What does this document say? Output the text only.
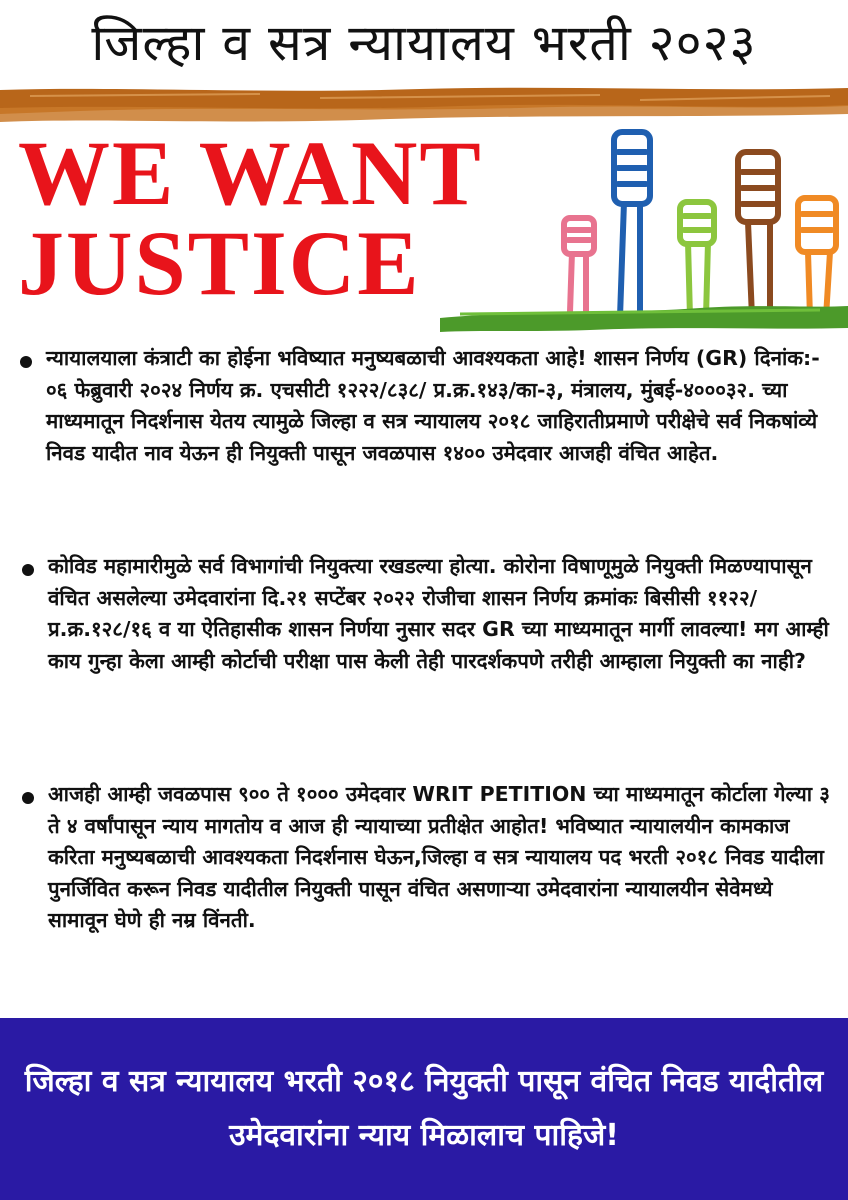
जिल्हा व सत्र न्यायालय भरती २०२३
WE WANT
JUSTICE

न्यायालयाला कंत्राटी का होईना भविष्यात मनुष्यबळाची आवश्यकता आहे! शासन निर्णय (GR) दिनांक:- ०६ फेब्रुवारी २०२४ निर्णय क्र. एचसीटी १२२२/८३८/ प्र.क्र.१४३/का-३, मंत्रालय, मुंबई-४०००३२. च्या माध्यमातून निदर्शनास येतय त्यामुळे जिल्हा व सत्र न्यायालय २०१८ जाहिरातीप्रमाणे परीक्षेचे सर्व निकषांव्ये निवड यादीत नाव येऊन ही नियुक्ती पासून जवळपास १४०० उमेदवार आजही वंचित आहेत.

कोविड महामारीमुळे सर्व विभागांची नियुक्त्या रखडल्या होत्या. कोरोना विषाणूमुळे नियुक्ती मिळण्यापासून वंचित असलेल्या उमेदवारांना दि.२१ सप्टेंबर २०२२ रोजीचा शासन निर्णय क्रमांकः बिसीसी ११२२/ प्र.क्र.१२८/१६ व या ऐतिहासीक शासन निर्णया नुसार सदर GR च्या माध्यमातून मार्गी लावल्या! मग आम्ही काय गुन्हा केला आम्ही कोर्टाची परीक्षा पास केली तेही पारदर्शकपणे तरीही आम्हाला नियुक्ती का नाही?

आजही आम्ही जवळपास ९०० ते १००० उमेदवार WRIT PETITION च्या माध्यमातून कोर्टाला गेल्या ३ ते ४ वर्षांपासून न्याय मागतोय व आज ही न्यायाच्या प्रतीक्षेत आहोत! भविष्यात न्यायालयीन कामकाज करिता मनुष्यबळाची आवश्यकता निदर्शनास घेऊन,जिल्हा व सत्र न्यायालय पद भरती २०१८ निवड यादीला पुनर्जिवित करून निवड यादीतील नियुक्ती पासून वंचित असणाऱ्या उमेदवारांना न्यायालयीन सेवेमध्ये सामावून घेणे ही नम्र विंनती.

जिल्हा व सत्र न्यायालय भरती २०१८ नियुक्ती पासून वंचित निवड यादीतील उमेदवारांना न्याय मिळालाच पाहिजे!
